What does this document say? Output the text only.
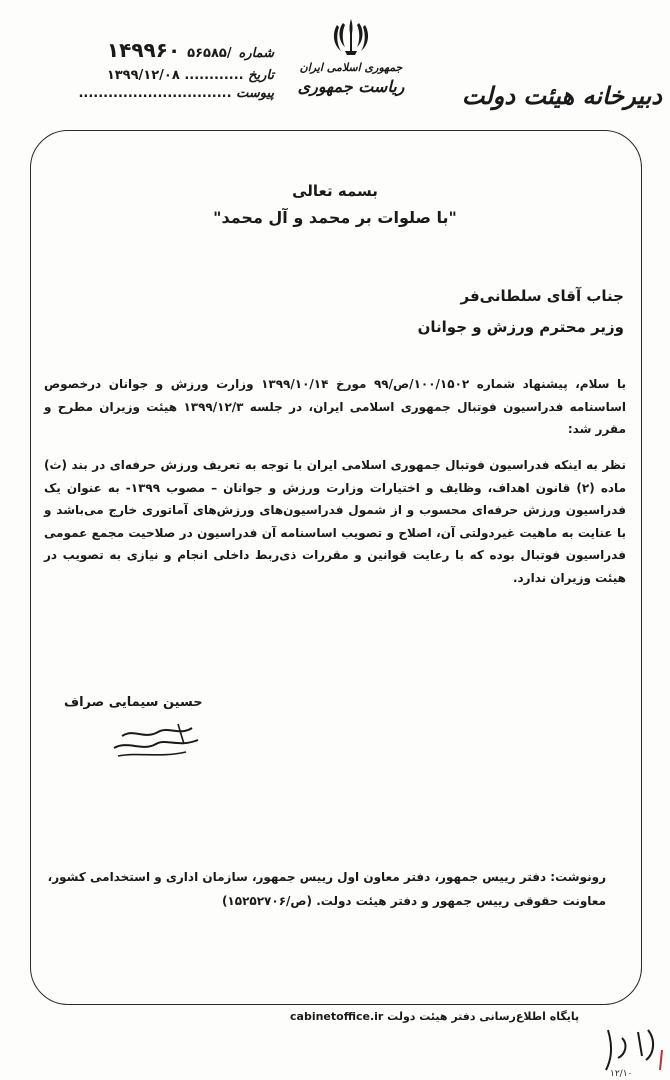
شماره ۱۴۹۹۶۰ ۵۶۵۸۵/
تاریخ ............ ۱۳۹۹/۱۲/۰۸
پیوست ...............................
جمهوری اسلامی ایران
ریاست جمهوری دبیرخانه هیئت دولت
بسمه تعالی
"با صلوات بر محمد و آل محمد"
جناب آقای سلطانی‌فر
وزیر محترم ورزش و جوانان
با سلام، پیشنهاد شماره ۱۰۰/۱۵۰۲/ص/۹۹ مورخ ۱۳۹۹/۱۰/۱۴ وزارت ورزش و جوانان درخصوص اساسنامه فدراسیون فوتبال جمهوری اسلامی ایران، در جلسه ۱۳۹۹/۱۲/۳ هیئت وزیران مطرح و مقرر شد:
نظر به اینکه فدراسیون فوتبال جمهوری اسلامی ایران با توجه به تعریف ورزش حرفه‌ای در بند (ث) ماده (۲) قانون اهداف، وظایف و اختیارات وزارت ورزش و جوانان – مصوب ۱۳۹۹- به عنوان یک فدراسیون ورزش حرفه‌ای محسوب و از شمول فدراسیون‌های ورزش‌های آماتوری خارج می‌باشد و با عنایت به ماهیت غیردولتی آن، اصلاح و تصویب اساسنامه آن فدراسیون در صلاحیت مجمع عمومی فدراسیون فوتبال بوده که با رعایت قوانین و مقررات ذی‌ربط داخلی انجام و نیازی به تصویب در هیئت وزیران ندارد.
حسین سیمایی صراف
رونوشت: دفتر رییس جمهور، دفتر معاون اول رییس جمهور، سازمان اداری و استخدامی کشور،
معاونت حقوقی رییس جمهور و دفتر هیئت دولت. (ص/۱۵۲۵۲۷۰۶)
پایگاه اطلاع‌رسانی دفتر هیئت دولت cabinetoffice.ir
۱۲/۱۰
